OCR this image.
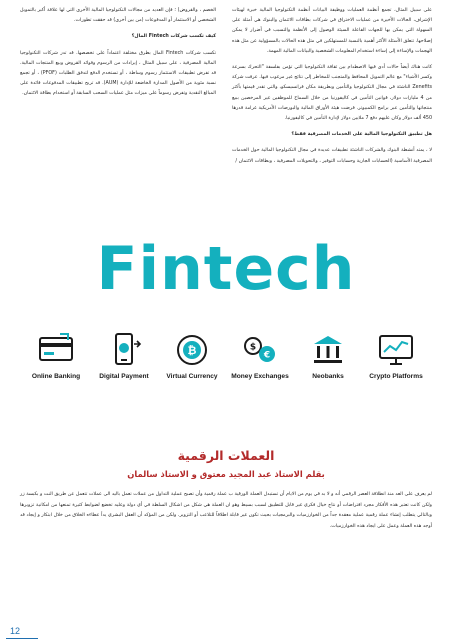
على سبيل المثال، تجمع أنظمة العمليات ووظيفة البيانات أنظمة التكنولوجيا المالية خبرة لهيئات الإشراف، الحالات الأخيرة من عمليات الاختراق في شركات بطاقات الائتمان والبنوك هي أمثلة على السهولة التي يمكن بها للجهات الفاعلة السيئة الوصول إلى الأنظمة والتسبب في أضرار لا يمكن إصلاحها. تتعلق الأسئلة الأكثر أهمية بالنسبة للمستهلكين في مثل هذه الحالات بالمسؤولية عن مثل هذه الهجمات والإساءة إلى إساءة استخدام المعلومات الشخصية والبيانات المالية المهمة.

كانت هناك أيضاً حالات أدى فيها الاصطدام بين ثقافة التكنولوجيا التي تؤمن بفلسفة "التحرك بسرعة وكسر الأشياء" مع عالم التمويل المحافظ والمتجنب للمخاطر إلى نتائج غير مرغوب فيها. عرفت شركة Zenefits الناشئة في مجال التكنولوجيا والتأمين وبطريقة مكان فرانسيسكو، والتي تقدر قيمتها بأكثر من 4 مليارات دولار، قوانين التأمين في كاليفورنيا من خلال السماح للموظفين غير المرخصين ببيع منتجاتها والتأمين عبر برامج الكمبيوتر. فرضت هيئة الأوراق المالية والبورصات الأمريكية غرامة قدرها 450 ألف دولار وكان عليهم دفع 7 ملايين دولار لإدارة التأمين في كاليفورنيا.

هل تطبيق التكنولوجيا المالية على الخدمات المصرفية فقط؟

لا ، يمتد أنشطة البنوك والشركات الناشئة تطبيقات عديدة في مجال التكنولوجيا المالية حول الخدمات المصرفية الأساسية (الحسابات الجارية وحسابات التوفير ، والتحويلات المصرفية ، وبطاقات الائتمان /

الخصم ، والقروض) ؛ فإن العديد من مجالات التكنولوجيا المالية الأخرى التي لها علاقة أكبر بالتمويل الشخصي أو الاستثمار أو المدفوعات (من بين أخرى) قد حققت تطورات.

كيف تكسب شركات Fintech المال؟

تكسب شركات Fintech المال بطرق مختلفة اعتماداً على تخصصها. قد تدر شركات التكنولوجيا المالية المصرفية ، على سبيل المثال ، إيرادات من الرسوم وفوائد القروض وبيع المنتجات المالية. قد تفرض تطبيقات الاستثمار رسوم وساطة ، أو تستخدم الدفع لتدفق الطلبات (PFOF) ، أو تجمع نسبة مئوية من الأصول المدارة الخاضعة للإدارة (AUM). قد تربح تطبيقات المدفوعات فائدة على المبالغ النقدية وتفرض رسوماً على ميزات مثل عمليات السحب السابقة أو استخدام بطاقة الائتمان.

Fintech
Online Banking	Digital Payment
₿
Virtual Currency
$
€
Money Exchanges	Neobanks	Crypto Platforms
العملات الرقمية
بقلم الاستاذ عبد المجيد معتوق و الاستاذ سالمان
لم يعرف على العد منذ انطلاقة العصر الرقمي أنه و لا بد في يوم من الايام أن تستبدل العملة الورقية ب عملة رقمية وأن تصبح عملية التداول من عملات تعمل باليد الى عملات تتعمل عن طريق النت و بكبسة زر ولكن كانت تعتبر هذه الأفكار مجرد افتراضات أو نتاج خيال فكري غير قابل للتطبيق لسبب بسيط وهو ان العملة هي شكل من اشكال السلطة في أي دولة وعليه تخضع لضوابط كثيرة تمنعها من امكانية تزويرها وبالتالي يتطلب إنشاء عملة رقمية عملية معقدة جداً من الخوارزميات والبرمجيات بحيث تكون غير قابلة اطلاقاً للتلاعب أو التزوير. ولكن من المؤكد أن العقل البشري يدأ عطاءه الخلاق من خلال ابتكار و إيجاد قد أوجد هذه العملة وعمل على ايجاد هذه الخوارزميات.
12
